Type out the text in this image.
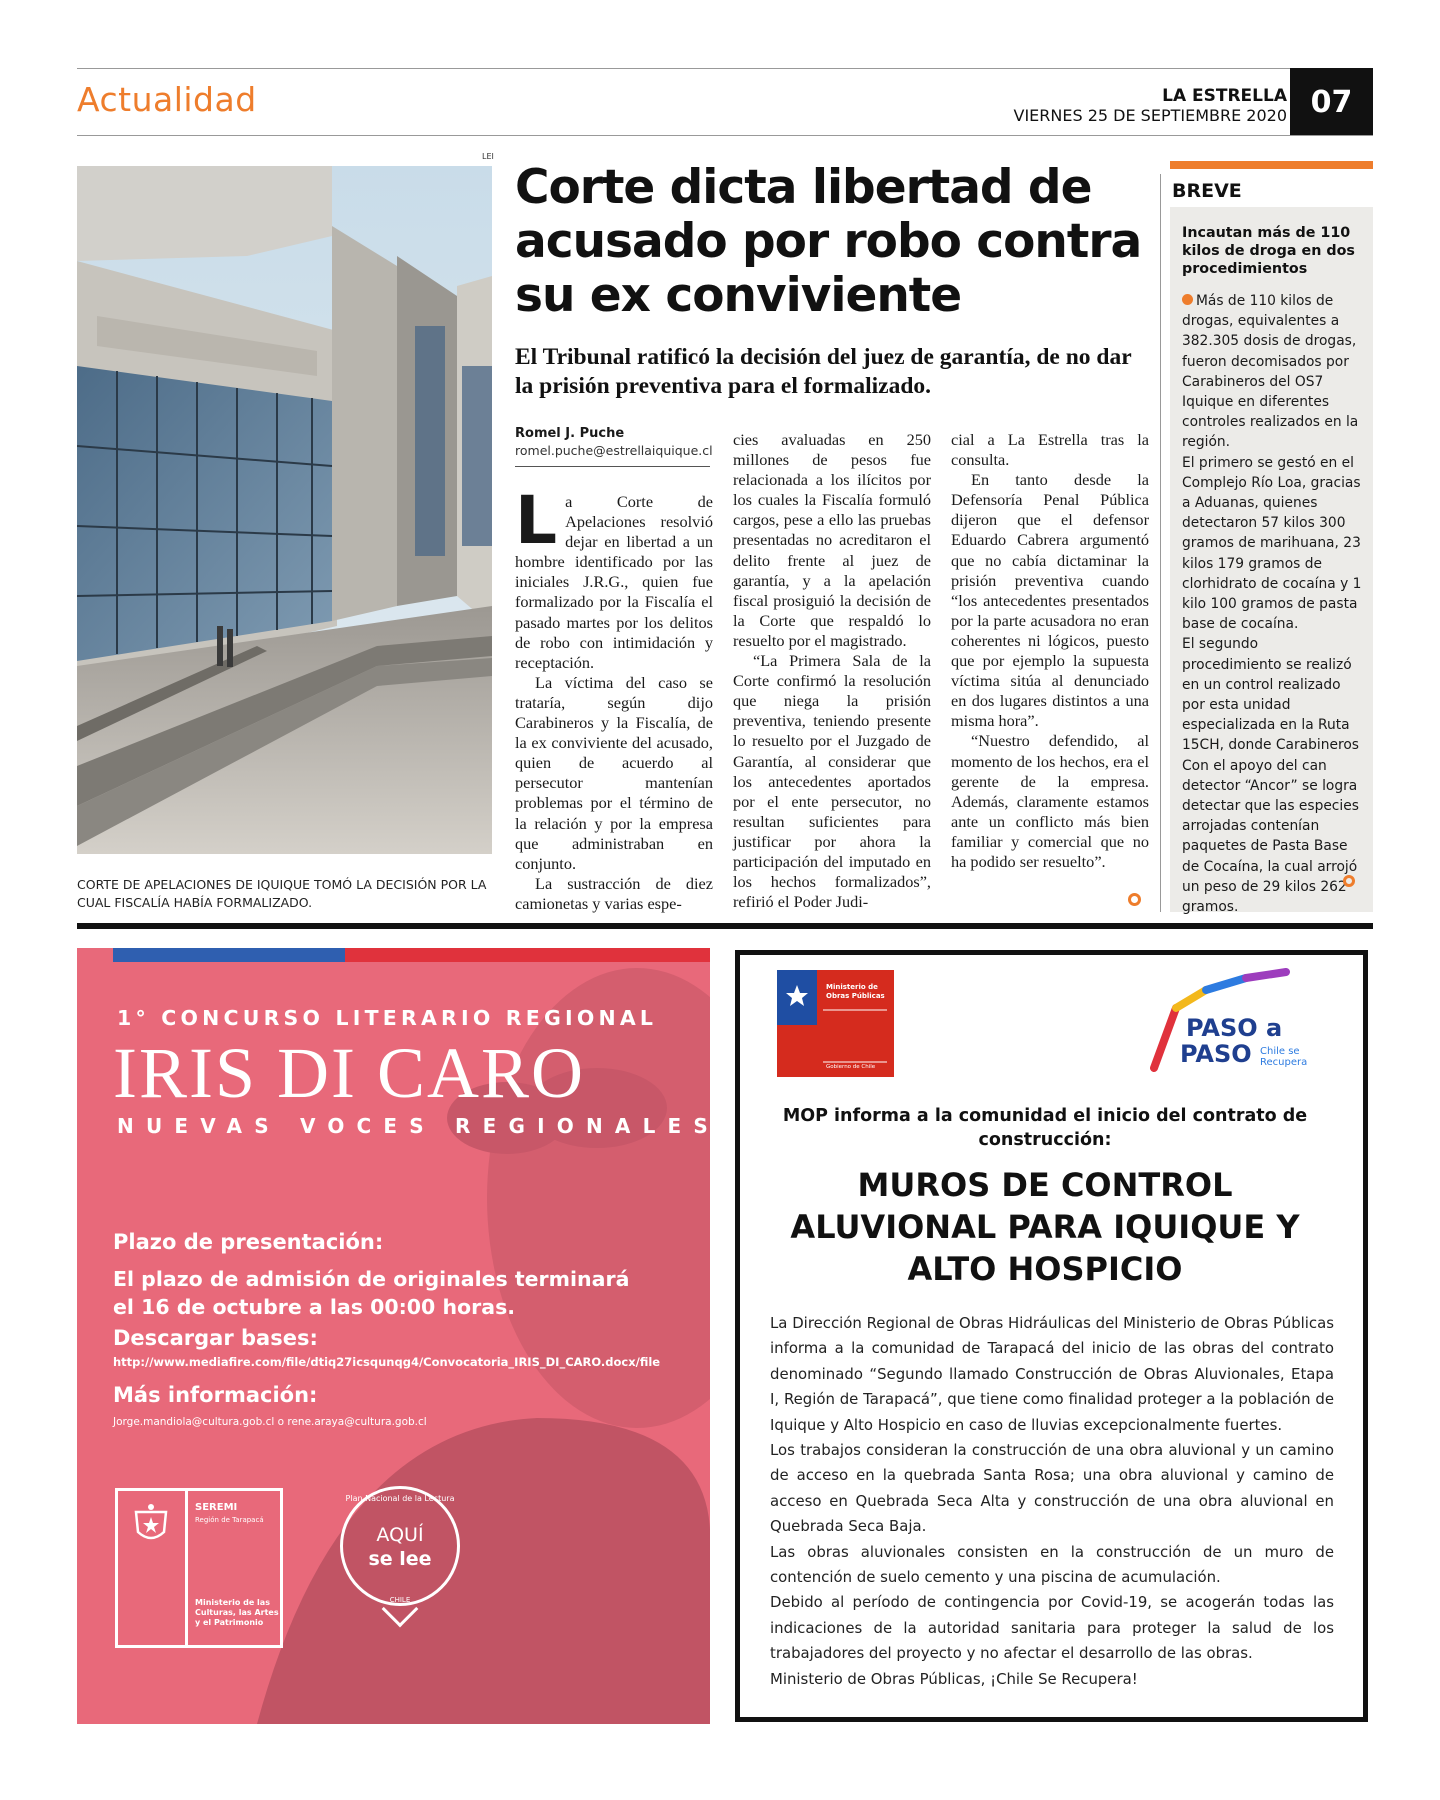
Actualidad	LA ESTRELLA
VIERNES 25 DE SEPTIEMBRE 2020 07
LEI
CORTE DE APELACIONES DE IQUIQUE TOMÓ LA DECISIÓN POR LA CUAL FISCALÍA HABÍA FORMALIZADO.
Corte dicta libertad de acusado por robo contra su ex conviviente
El Tribunal ratificó la decisión del juez de garantía, de no dar la prisión preventiva para el formalizado.
Romel J. Puche
romel.puche@estrellaiquique.cl

La Corte de Apelaciones resolvió dejar en libertad a un hombre identificado por las iniciales J.R.G., quien fue formalizado por la Fiscalía el pasado martes por los delitos de robo con intimidación y receptación.

La víctima del caso se trataría, según dijo Carabineros y la Fiscalía, de la ex conviviente del acusado, quien de acuerdo al persecutor mantenían problemas por el término de la relación y por la empresa que administraban en conjunto.

La sustracción de diez camionetas y varias espe-

cies avaluadas en 250 millones de pesos fue relacionada a los ilícitos por los cuales la Fiscalía formuló cargos, pese a ello las pruebas presentadas no acreditaron el delito frente al juez de garantía, y a la apelación fiscal prosiguió la decisión de la Corte que respaldó lo resuelto por el magistrado.

“La Primera Sala de la Corte confirmó la resolución que niega la prisión preventiva, teniendo presente lo resuelto por el Juzgado de Garantía, al considerar que los antecedentes aportados por el ente persecutor, no resultan suficientes para justificar por ahora la participación del imputado en los hechos formalizados”, refirió el Poder Judi-

cial a La Estrella tras la consulta.

En tanto desde la Defensoría Penal Pública dijeron que el defensor Eduardo Cabrera argumentó que no cabía dictaminar la prisión preventiva cuando “los antecedentes presentados por la parte acusadora no eran coherentes ni lógicos, puesto que por ejemplo la supuesta víctima sitúa al denunciado en dos lugares distintos a una misma hora”.

“Nuestro defendido, al momento de los hechos, era el gerente de la empresa. Además, claramente estamos ante un conflicto más bien familiar y comercial que no ha podido ser resuelto”.

BREVE
Incautan más de 110 kilos de droga en dos procedimientos
Más de 110 kilos de drogas, equivalentes a 382.305 dosis de drogas, fueron decomisados por Carabineros del OS7 Iquique en diferentes controles realizados en la región.
El primero se gestó en el Complejo Río Loa, gracias a Aduanas, quienes detectaron 57 kilos 300 gramos de marihuana, 23 kilos 179 gramos de clorhidrato de cocaína y 1 kilo 100 gramos de pasta base de cocaína.
El segundo procedimiento se realizó en un control realizado por esta unidad especializada en la Ruta 15CH, donde Carabineros Con el apoyo del can detector “Ancor” se logra detectar que las especies arrojadas contenían paquetes de Pasta Base de Cocaína, la cual arrojó un peso de 29 kilos 262 gramos.
1° CONCURSO LITERARIO REGIONAL
IRIS DI CARO
NUEVAS VOCES REGIONALES
Plazo de presentación:
El plazo de admisión de originales terminará el 16 de octubre a las 00:00 horas.
Descargar bases:
http://www.mediafire.com/file/dtiq27icsqunqg4/Convocatoria_IRIS_DI_CARO.docx/file
Más información:
Jorge.mandiola@cultura.gob.cl o rene.araya@cultura.gob.cl
SEREMI
Región de Tarapacá
Ministerio de las Culturas, las Artes y el Patrimonio
Plan Nacional de la Lectura
AQUÍ
se lee
CHILE
Ministerio de Obras Públicas
Gobierno de Chile
PASO a
PASO Chile se Recupera
MOP informa a la comunidad el inicio del contrato de construcción:
MUROS DE CONTROL ALUVIONAL PARA IQUIQUE Y ALTO HOSPICIO

La Dirección Regional de Obras Hidráulicas del Ministerio de Obras Públicas informa a la comunidad de Tarapacá del inicio de las obras del contrato denominado “Segundo llamado Construcción de Obras Aluvionales, Etapa I, Región de Tarapacá”, que tiene como finalidad proteger a la población de Iquique y Alto Hospicio en caso de lluvias excepcionalmente fuertes.

Los trabajos consideran la construcción de una obra aluvional y un camino de acceso en la quebrada Santa Rosa; una obra aluvional y camino de acceso en Quebrada Seca Alta y construcción de una obra aluvional en Quebrada Seca Baja.

Las obras aluvionales consisten en la construcción de un muro de contención de suelo cemento y una piscina de acumulación.

Debido al período de contingencia por Covid-19, se acogerán todas las indicaciones de la autoridad sanitaria para proteger la salud de los trabajadores del proyecto y no afectar el desarrollo de las obras.

Ministerio de Obras Públicas, ¡Chile Se Recupera!
